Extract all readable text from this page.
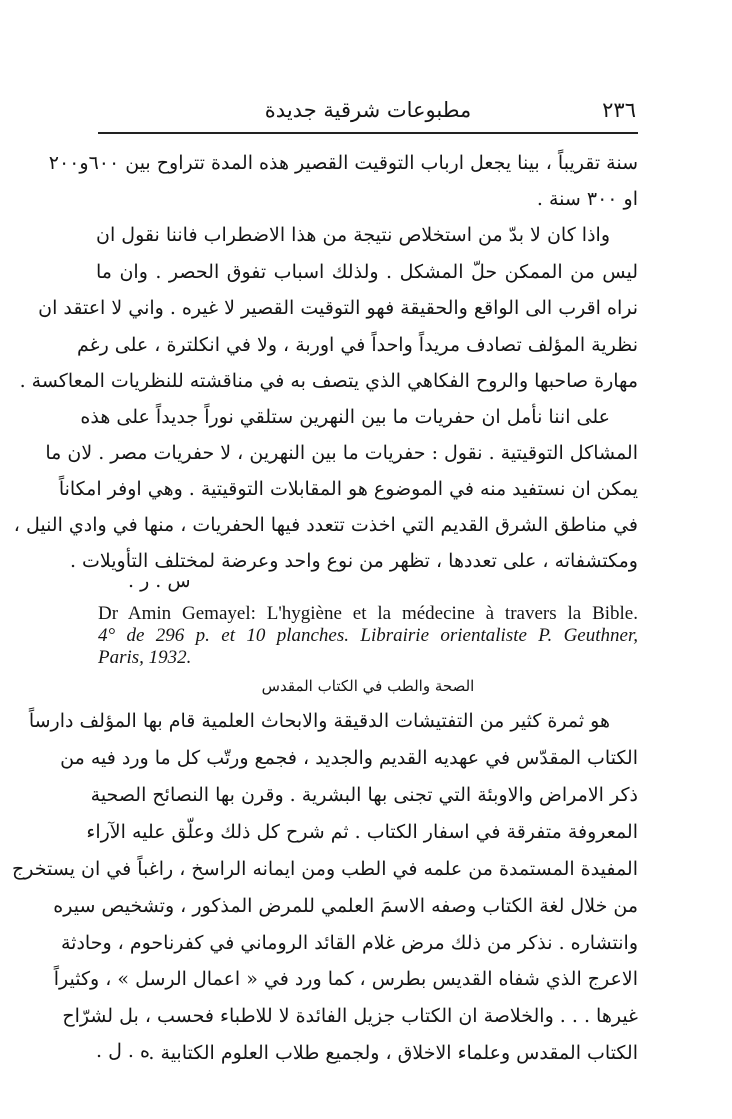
٢٣٦
مطبوعات شرقية جديدة
سنة تقريباً ، بينا يجعل ارباب التوقيت القصير هذه المدة تتراوح بين ٦٠٠و٢٠٠
او ٣٠٠ سنة .
واذا كان لا بدّ من استخلاص نتيجة من هذا الاضطراب فاننا نقول ان
ليس من الممكن حلّ المشكل . ولذلك اسباب تفوق الحصر . وان ما
نراه اقرب الى الواقع والحقيقة فهو التوقيت القصير لا غيره . واني لا اعتقد ان
نظرية المؤلف تصادف مريداً واحداً في اوربة ، ولا في انكلترة ، على رغم
مهارة صاحبها والروح الفكاهي الذي يتصف به في مناقشته للنظريات المعاكسة .
على اننا نأمل ان حفريات ما بين النهرين ستلقي نوراً جديداً على هذه
المشاكل التوقيتية . نقول : حفريات ما بين النهرين ، لا حفريات مصر . لان ما
يمكن ان نستفيد منه في الموضوع هو المقابلات التوقيتية . وهي اوفر امكاناً
في مناطق الشرق القديم التي اخذت تتعدد فيها الحفريات ، منها في وادي النيل ،
ومكتشفاته ، على تعددها ، تظهر من نوع واحد وعرضة لمختلف التأويلات .
س . ر .
Dr Amin Gemayel: L'hygiène et la médecine à travers la Bible.
4° de 296 p. et 10 planches. Librairie orientaliste P. Geuthner,
Paris, 1932.
الصحة والطب في الكتاب المقدس
هو ثمرة كثير من التفتيشات الدقيقة والابحاث العلمية قام بها المؤلف دارساً
الكتاب المقدّس في عهديه القديم والجديد ، فجمع ورتّب كل ما ورد فيه من
ذكر الامراض والاوبئة التي تجنى بها البشرية . وقرن بها النصائح الصحية
المعروفة متفرقة في اسفار الكتاب . ثم شرح كل ذلك وعلّق عليه الآراء
المفيدة المستمدة من علمه في الطب ومن ايمانه الراسخ ، راغباً في ان يستخرج
من خلال لغة الكتاب وصفه الاسمَ العلمي للمرض المذكور ، وتشخيص سيره
وانتشاره . نذكر من ذلك مرض غلام القائد الروماني في كفرناحوم ، وحادثة
الاعرج الذي شفاه القديس بطرس ، كما ورد في « اعمال الرسل » ، وكثيراً
غيرها . . . والخلاصة ان الكتاب جزيل الفائدة لا للاطباء فحسب ، بل لشرّاح
الكتاب المقدس وعلماء الاخلاق ، ولجميع طلاب العلوم الكتابية .
ه . ل .
